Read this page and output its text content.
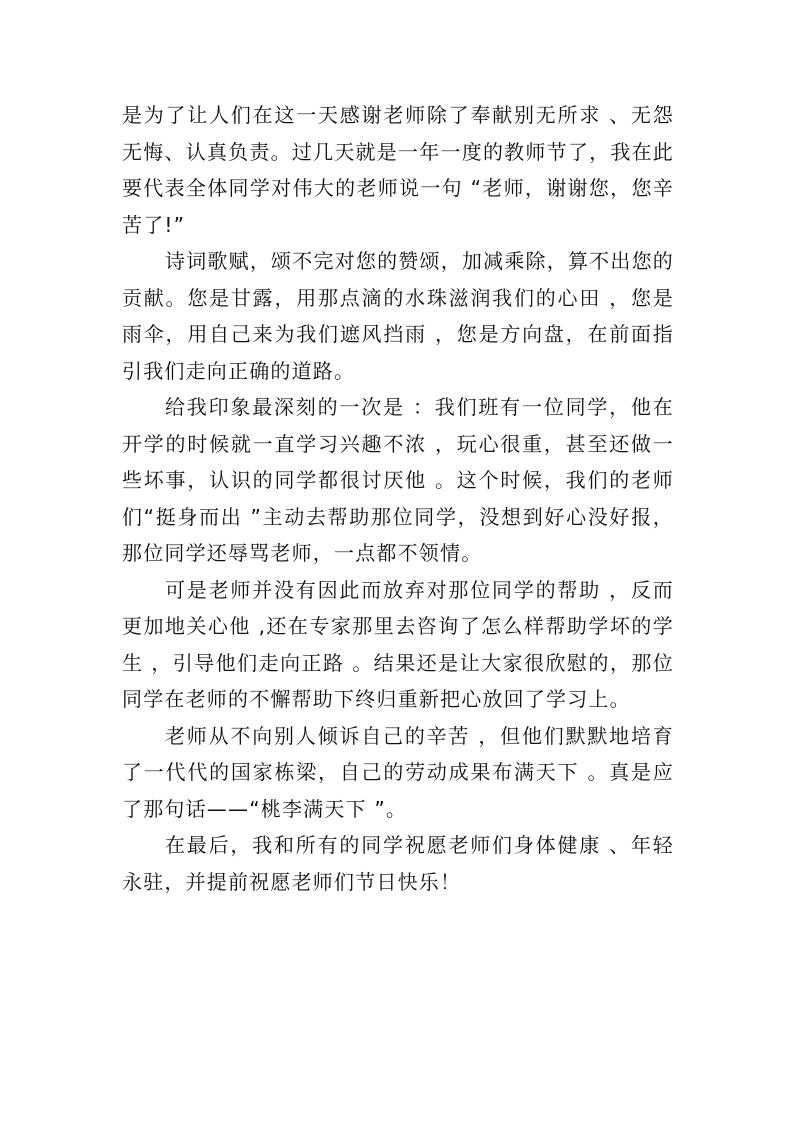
是为了让人们在这一天感谢老师除了奉献别无所求 、无怨无悔、认真负责。过几天就是一年一度的教师节了，我在此要代表全体同学对伟大的老师说一句 “老师，谢谢您，您辛苦了!”

诗词歌赋，颂不完对您的赞颂，加减乘除，算不出您的贡献。您是甘露，用那点滴的水珠滋润我们的心田 ，您是雨伞，用自己来为我们遮风挡雨 ，您是方向盘，在前面指引我们走向正确的道路。

给我印象最深刻的一次是 ：我们班有一位同学，他在开学的时候就一直学习兴趣不浓 ，玩心很重，甚至还做一些坏事，认识的同学都很讨厌他 。这个时候，我们的老师们“挺身而出 ”主动去帮助那位同学，没想到好心没好报，那位同学还辱骂老师，一点都不领情。

可是老师并没有因此而放弃对那位同学的帮助 ，反而更加地关心他 ,还在专家那里去咨询了怎么样帮助学坏的学生 ，引导他们走向正路 。结果还是让大家很欣慰的，那位同学在老师的不懈帮助下终归重新把心放回了学习上。

老师从不向别人倾诉自己的辛苦 ，但他们默默地培育了一代代的国家栋梁，自己的劳动成果布满天下 。真是应了那句话——“桃李满天下 ”。

在最后，我和所有的同学祝愿老师们身体健康 、年轻永驻，并提前祝愿老师们节日快乐！
